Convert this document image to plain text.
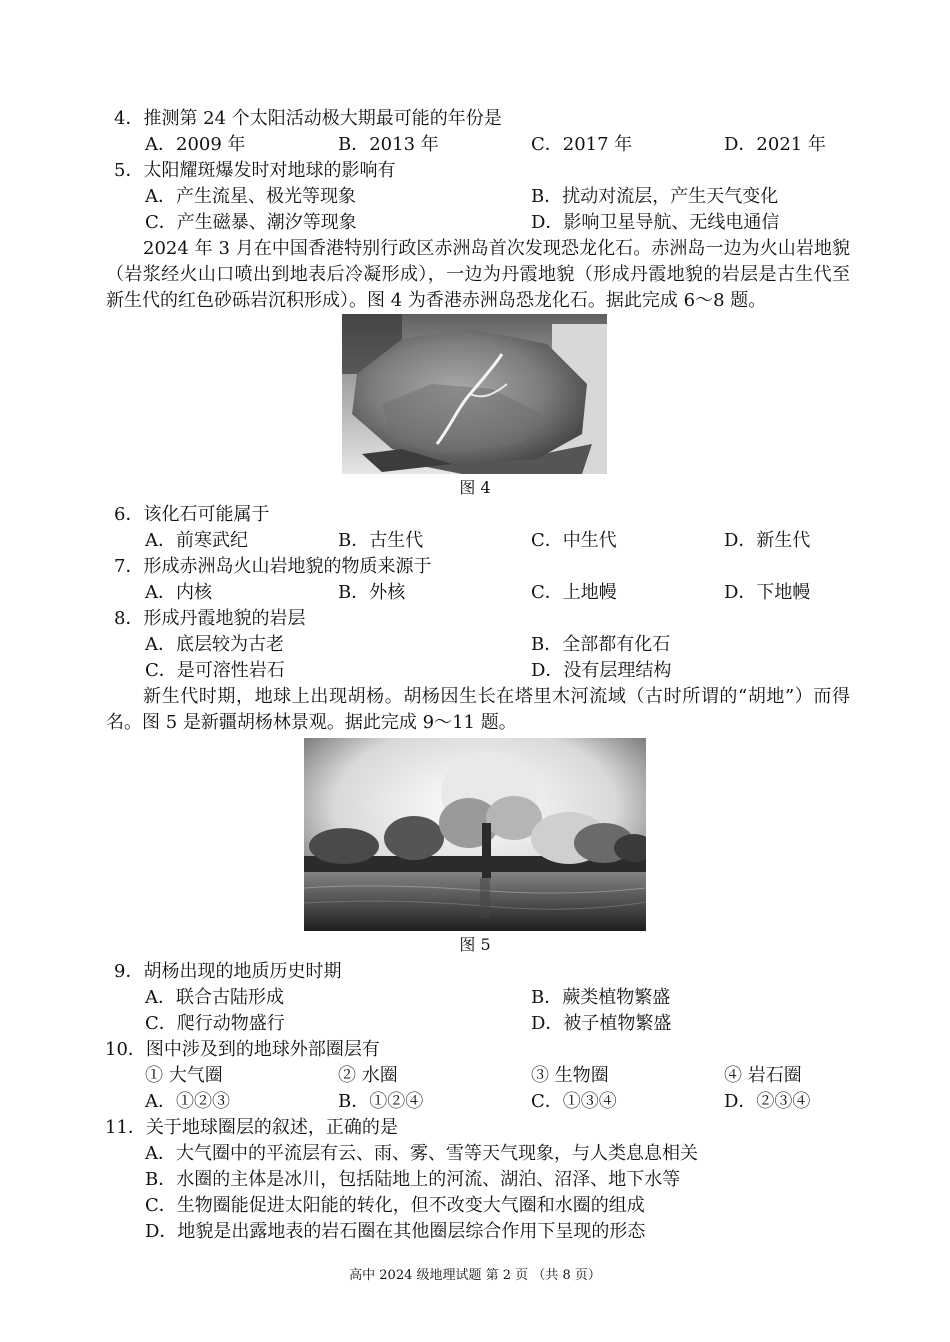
4．推测第 24 个太阳活动极大期最可能的年份是
A．2009 年	B．2013 年	C．2017 年	D．2021 年
5．太阳耀斑爆发时对地球的影响有
A．产生流星、极光等现象	B．扰动对流层，产生天气变化
C．产生磁暴、潮汐等现象	D．影响卫星导航、无线电通信
2024 年 3 月在中国香港特别行政区赤洲岛首次发现恐龙化石。赤洲岛一边为火山岩地貌（岩浆经火山口喷出到地表后冷凝形成），一边为丹霞地貌（形成丹霞地貌的岩层是古生代至新生代的红色砂砾岩沉积形成）。图 4 为香港赤洲岛恐龙化石。据此完成 6～8 题。
图 4
6．该化石可能属于
A．前寒武纪	B．古生代	C．中生代	D．新生代
7．形成赤洲岛火山岩地貌的物质来源于
A．内核	B．外核	C．上地幔	D．下地幔
8．形成丹霞地貌的岩层
A．底层较为古老	B．全部都有化石
C．是可溶性岩石	D．没有层理结构
新生代时期，地球上出现胡杨。胡杨因生长在塔里木河流域（古时所谓的“胡地”）而得名。图 5 是新疆胡杨林景观。据此完成 9～11 题。
图 5
9．胡杨出现的地质历史时期
A．联合古陆形成	B．蕨类植物繁盛
C．爬行动物盛行	D．被子植物繁盛
10．图中涉及到的地球外部圈层有
① 大气圈	② 水圈	③ 生物圈	④ 岩石圈
A．①②③	B．①②④	C．①③④	D．②③④
11．关于地球圈层的叙述，正确的是
A．大气圈中的平流层有云、雨、雾、雪等天气现象，与人类息息相关
B．水圈的主体是冰川，包括陆地上的河流、湖泊、沼泽、地下水等
C．生物圈能促进太阳能的转化，但不改变大气圈和水圈的组成
D．地貌是出露地表的岩石圈在其他圈层综合作用下呈现的形态
高中 2024 级地理试题 第 2 页 （共 8 页）
